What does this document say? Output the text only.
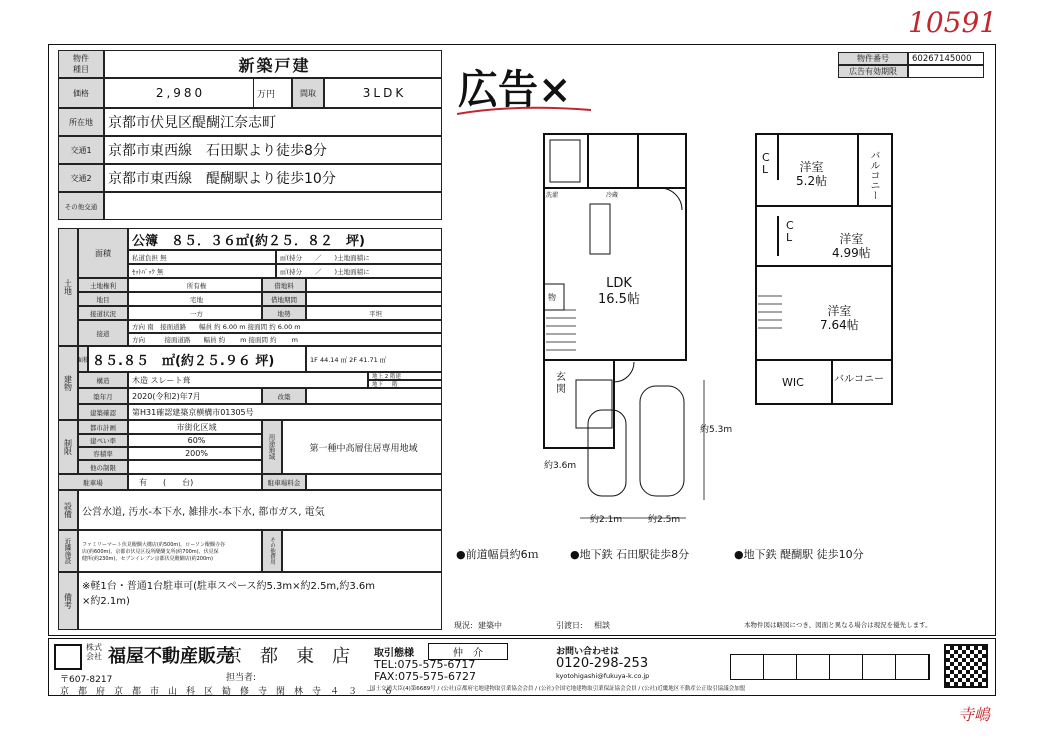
10591
広告×
寺嶋
物件
種目	新築戸建
価格	2,980	万円	間取	3LDK
所在地	京都市伏見区醍醐江奈志町
交通1	京都市東西線　石田駅より徒歩8分
交通2	京都市東西線　醍醐駅より徒歩10分
その他交通
土地
面積
公簿　８５．３６㎡(約２５．８２　坪)
私道負担 無	㎡(持分　　／　　)土地面積に
ｾｯﾄﾊﾞｯｸ 無	㎡(持分　　／　　)土地面積に
土地権利	所有権	借地料
地目	宅地	借地期間
接道状況	一方	地勢	平坦
接道
方向 南　接面道路　　幅員 約 6.00 m 接面間 約 6.00 m
方向　　　接面道路　　幅員 約　　 m 接面間 約　　 m
建物
面積 ８５.８５　㎡(約２５.９６ 坪)	1F 44.14 ㎡ 2F 41.71 ㎡
構造	木造 スレート葺	地上 2 階建
地下 　 階
築年月	2020(令和2)年7月	改築
建築確認	第H31確認建築京横構市01305号
制限
都市計画	市街化区域
建ぺい率	60%
容積率	200%
他の制限
用途地域	第一種中高層住居専用地域
駐車場	有　　(　　台)	駐車場料金
設備 公営水道, 汚水-本下水, 雑排水-本下水, 都市ガス, 電気
近隣施設	ファミリーマート伏見醍醐大構店(約500m)、ローソン醍醐寺谷
店(約600m)、京都市伏見区役所醍醐支所(約700m)、伏見保
健所(約230m)、セブンイレブン京都伏見醍醐店(約200m)	その他費用
備考
※軽1台・普通1台駐車可(駐車スペース約5.3m×約2.5m,約3.6m
×約2.1m)
物件番号	60267145000
広告有効期限
LDK
16.5帖
玄
関
物
洗濯	冷蔵
洋室
5.2帖
洋室
4.99帖
洋室
7.64帖
C
L
C
L
バルコニー
バルコニー
WIC
約5.3m
約3.6m
約2.1m	約2.5m
●前道幅員約6ｍ	●地下鉄 石田駅徒歩8分	●地下鉄 醍醐駅 徒歩10分
現況: 建築中	引渡日: 相談	本物件図は略図につき、図面と異なる場合は現況を優先します。
株式
会社 福屋不動産販売
京　都　東　店
〒607-8217	担当者:
京　都　府　京　都　市　山　科　区　勧　修　寺　閑　林　寺　４　３　－　６
取引態様	仲　介
TEL:075-575-6717
FAX:075-575-6727
お問い合わせは
0120-298-253
kyotohigashi@fukuya-k.co.jp
国土交通大臣(4)第6689号 / (公社)京都府宅地建物取引業協会会員 / (公社)全国宅地建物取引業保証協会会員 / (公社)近畿地区不動産公正取引協議会加盟
